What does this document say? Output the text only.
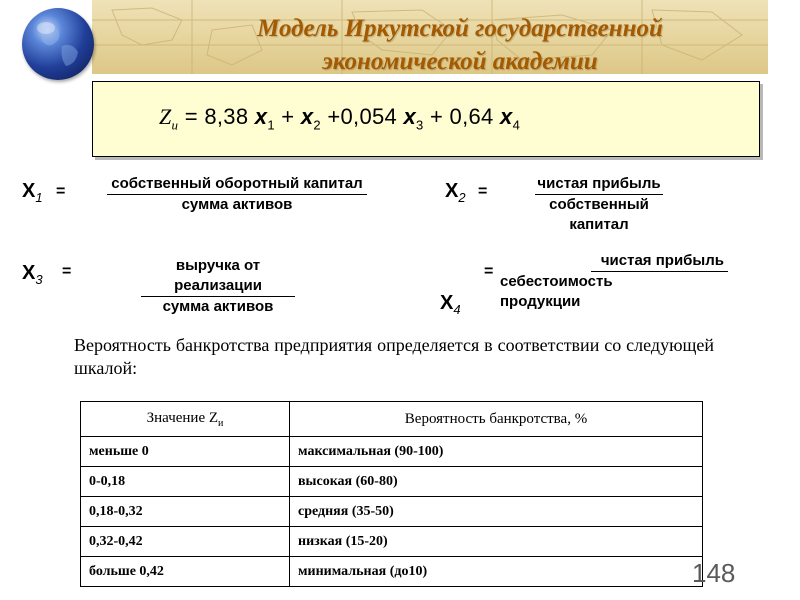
Модель Иркутской государственной
экономической академии
$Z_и = 8,38$ $x_1 + x_2 +0,054$ $x_3 + 0,64$ $x_4$
$X_1$ =	собственный оборотный капитал
сумма активов
$X_2$ =	чистая прибыль
собственный капитал
$X_3$ =	выручка от реализации
сумма активов
=
чистая прибыль
себестоимость продукции
$X_4$
Вероятность банкротства предприятия определяется в соответствии со следующей шкалой:
Значение $Z_и$	Вероятность банкротства, %
меньше 0	максимальная (90-100)
0-0,18	высокая (60-80)
0,18-0,32	средняя (35-50)
0,32-0,42	низкая (15-20)
больше 0,42	минимальная (до10)	148
